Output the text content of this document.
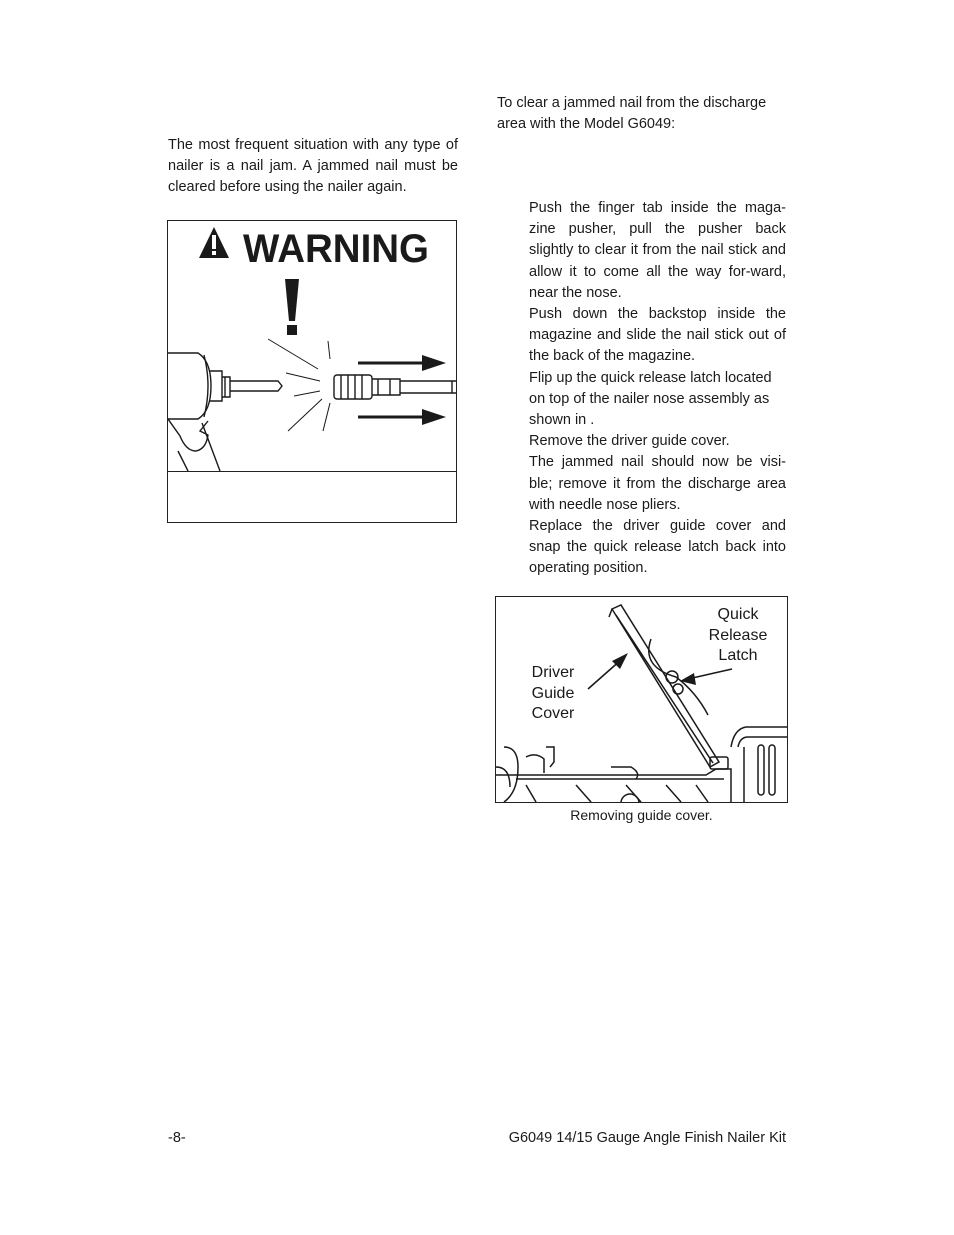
To clear a jammed nail from the discharge area with the Model G6049:
The most frequent situation with any type of nailer is a nail jam. A jammed nail must be cleared before using the nailer again.
WARNING

Push the finger tab inside the maga-zine pusher, pull the pusher back slightly to clear it from the nail stick and allow it to come all the way for-ward, near the nose.

Push down the backstop inside the magazine and slide the nail stick out of the back of the magazine.

Flip up the quick release latch located on top of the nailer nose assembly as shown in .

Remove the driver guide cover.

The jammed nail should now be visi-ble; remove it from the discharge area with needle nose pliers.

Replace the driver guide cover and snap the quick release latch back into operating position.

Quick
Release
Latch
Driver
Guide
Cover
Removing guide cover.
-8-	G6049 14/15 Gauge Angle Finish Nailer Kit
